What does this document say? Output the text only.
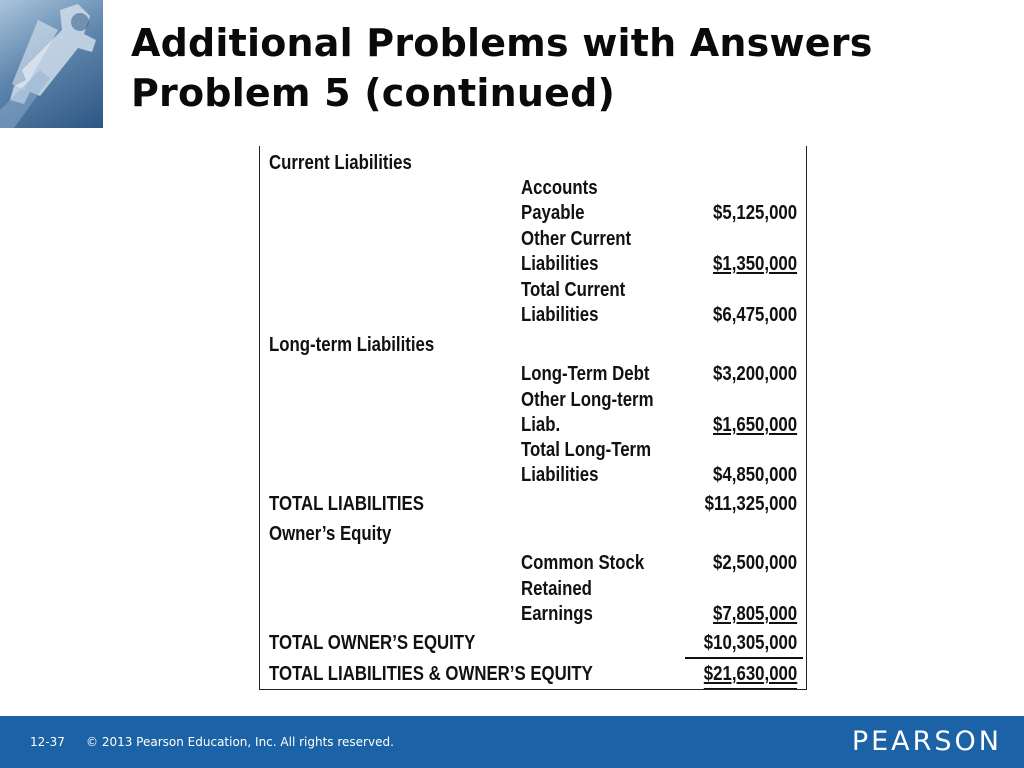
Additional Problems with Answers
Problem 5 (continued)
Current Liabilities
Accounts
Payable	$5,125,000
Other Current
Liabilities	$1,350,000
Total Current
Liabilities	$6,475,000
Long-term Liabilities
Long-Term Debt	$3,200,000
Other Long-term
Liab.	$1,650,000
Total Long-Term
Liabilities	$4,850,000
TOTAL LIABILITIES	$11,325,000
Owner’s Equity
Common Stock	$2,500,000
Retained
Earnings	$7,805,000
TOTAL OWNER’S EQUITY	$10,305,000
TOTAL LIABILITIES & OWNER’S EQUITY	$21,630,000
12-37 © 2013 Pearson Education, Inc. All rights reserved.	PEARSON
